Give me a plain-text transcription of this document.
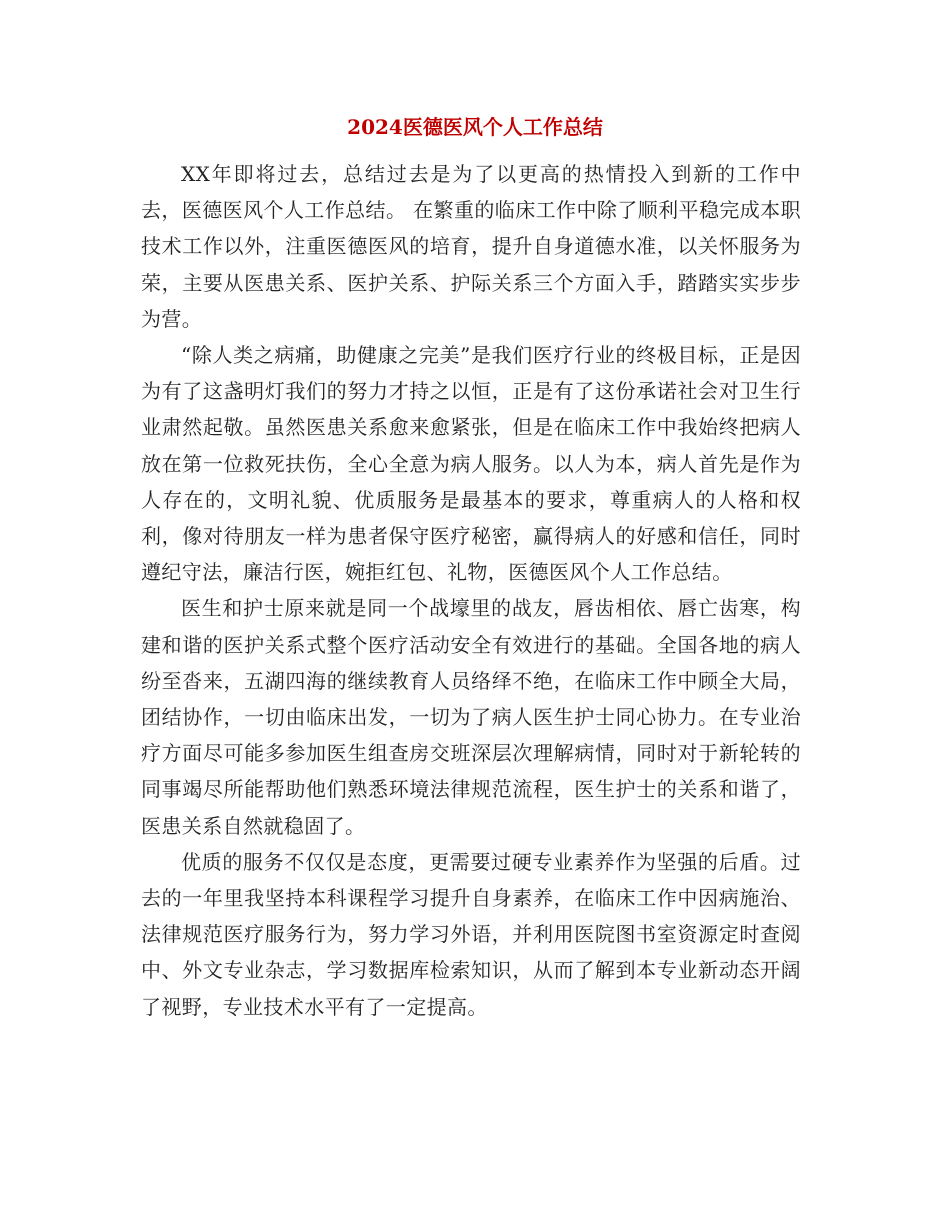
2024医德医风个人工作总结

XX年即将过去，总结过去是为了以更高的热情投入到新的工作中去，医德医风个人工作总结。 在繁重的临床工作中除了顺利平稳完成本职技术工作以外，注重医德医风的培育，提升自身道德水准，以关怀服务为荣，主要从医患关系、医护关系、护际关系三个方面入手，踏踏实实步步为营。

“除人类之病痛，助健康之完美”是我们医疗行业的终极目标，正是因为有了这盏明灯我们的努力才持之以恒，正是有了这份承诺社会对卫生行业肃然起敬。虽然医患关系愈来愈紧张，但是在临床工作中我始终把病人放在第一位救死扶伤，全心全意为病人服务。以人为本，病人首先是作为人存在的，文明礼貌、优质服务是最基本的要求，尊重病人的人格和权利，像对待朋友一样为患者保守医疗秘密，赢得病人的好感和信任，同时遵纪守法，廉洁行医，婉拒红包、礼物，医德医风个人工作总结。

医生和护士原来就是同一个战壕里的战友，唇齿相依、唇亡齿寒，构建和谐的医护关系式整个医疗活动安全有效进行的基础。全国各地的病人纷至沓来，五湖四海的继续教育人员络绎不绝，在临床工作中顾全大局，团结协作，一切由临床出发，一切为了病人医生护士同心协力。在专业治疗方面尽可能多参加医生组查房交班深层次理解病情，同时对于新轮转的同事竭尽所能帮助他们熟悉环境法律规范流程，医生护士的关系和谐了，医患关系自然就稳固了。

优质的服务不仅仅是态度，更需要过硬专业素养作为坚强的后盾。过去的一年里我坚持本科课程学习提升自身素养，在临床工作中因病施治、法律规范医疗服务行为，努力学习外语，并利用医院图书室资源定时查阅中、外文专业杂志，学习数据库检索知识，从而了解到本专业新动态开阔了视野，专业技术水平有了一定提高。
